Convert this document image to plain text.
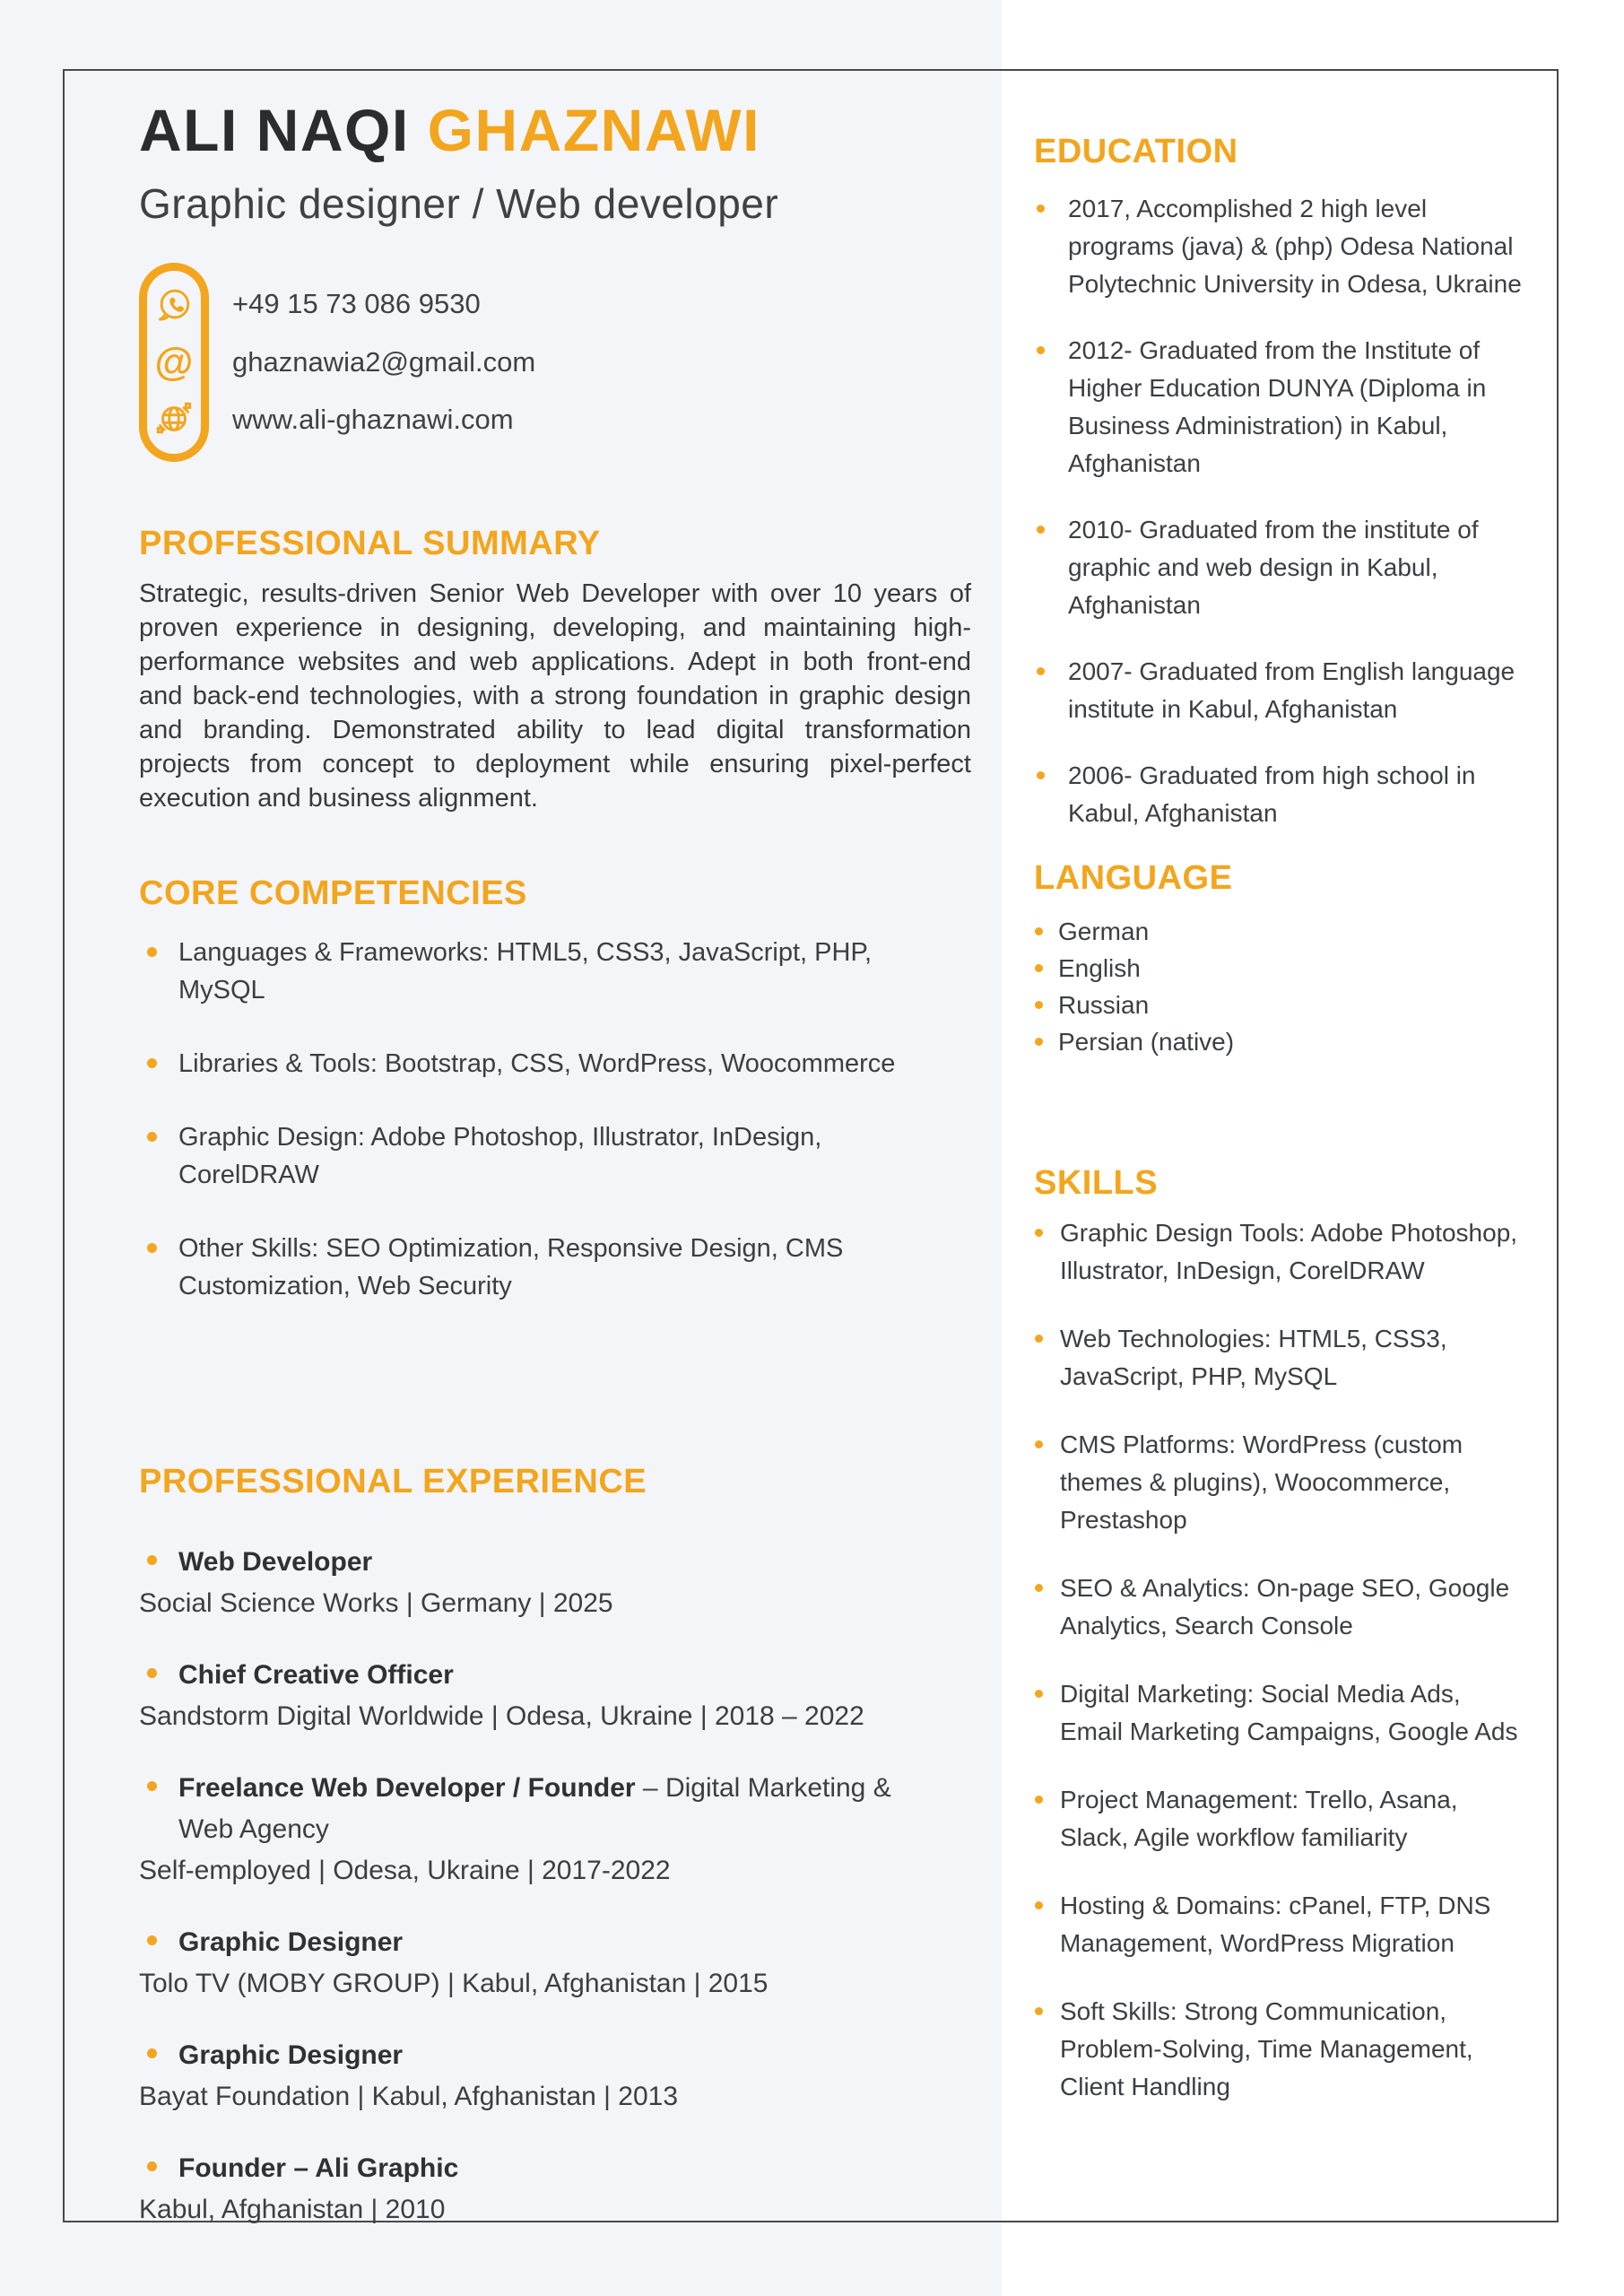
ALI NAQI GHAZNAWI
Graphic designer / Web developer
@
+49 15 73 086 9530
ghaznawia2@gmail.com
www.ali-ghaznawi.com
PROFESSIONAL SUMMARY

Strategic, results-driven Senior Web Developer with over 10 years of proven experience in designing, developing, and maintaining high-performance websites and web applications. Adept in both front-end and back-end technologies, with a strong foundation in graphic design and branding. Demonstrated ability to lead digital transformation projects from concept to deployment while ensuring pixel-perfect execution and business alignment.

CORE COMPETENCIES
Languages & Frameworks: HTML5, CSS3, JavaScript, PHP, MySQL
Libraries & Tools: Bootstrap, CSS, WordPress, Woocommerce
Graphic Design: Adobe Photoshop, Illustrator, InDesign, CorelDRAW
Other Skills: SEO Optimization, Responsive Design, CMS Customization, Web Security
PROFESSIONAL EXPERIENCE
Web Developer
Social Science Works | Germany | 2025
Chief Creative Officer
Sandstorm Digital Worldwide | Odesa, Ukraine | 2018 – 2022
Freelance Web Developer / Founder – Digital Marketing & Web Agency
Self-employed | Odesa, Ukraine | 2017-2022
Graphic Designer
Tolo TV (MOBY GROUP) | Kabul, Afghanistan | 2015
Graphic Designer
Bayat Foundation | Kabul, Afghanistan | 2013
Founder – Ali Graphic
Kabul, Afghanistan | 2010
EDUCATION
2017, Accomplished 2 high level programs (java) & (php) Odesa National Polytechnic University in Odesa, Ukraine
2012- Graduated from the Institute of Higher Education DUNYA (Diploma in Business Administration) in Kabul, Afghanistan
2010- Graduated from the institute of graphic and web design in Kabul, Afghanistan
2007- Graduated from English language institute in Kabul, Afghanistan
2006- Graduated from high school in Kabul, Afghanistan
LANGUAGE
German
English
Russian
Persian (native)
SKILLS
Graphic Design Tools: Adobe Photoshop, Illustrator, InDesign, CorelDRAW
Web Technologies: HTML5, CSS3, JavaScript, PHP, MySQL
CMS Platforms: WordPress (custom themes & plugins), Woocommerce, Prestashop
SEO & Analytics: On-page SEO, Google Analytics, Search Console
Digital Marketing: Social Media Ads, Email Marketing Campaigns, Google Ads
Project Management: Trello, Asana, Slack, Agile workflow familiarity
Hosting & Domains: cPanel, FTP, DNS Management, WordPress Migration
Soft Skills: Strong Communication, Problem-Solving, Time Management, Client Handling
